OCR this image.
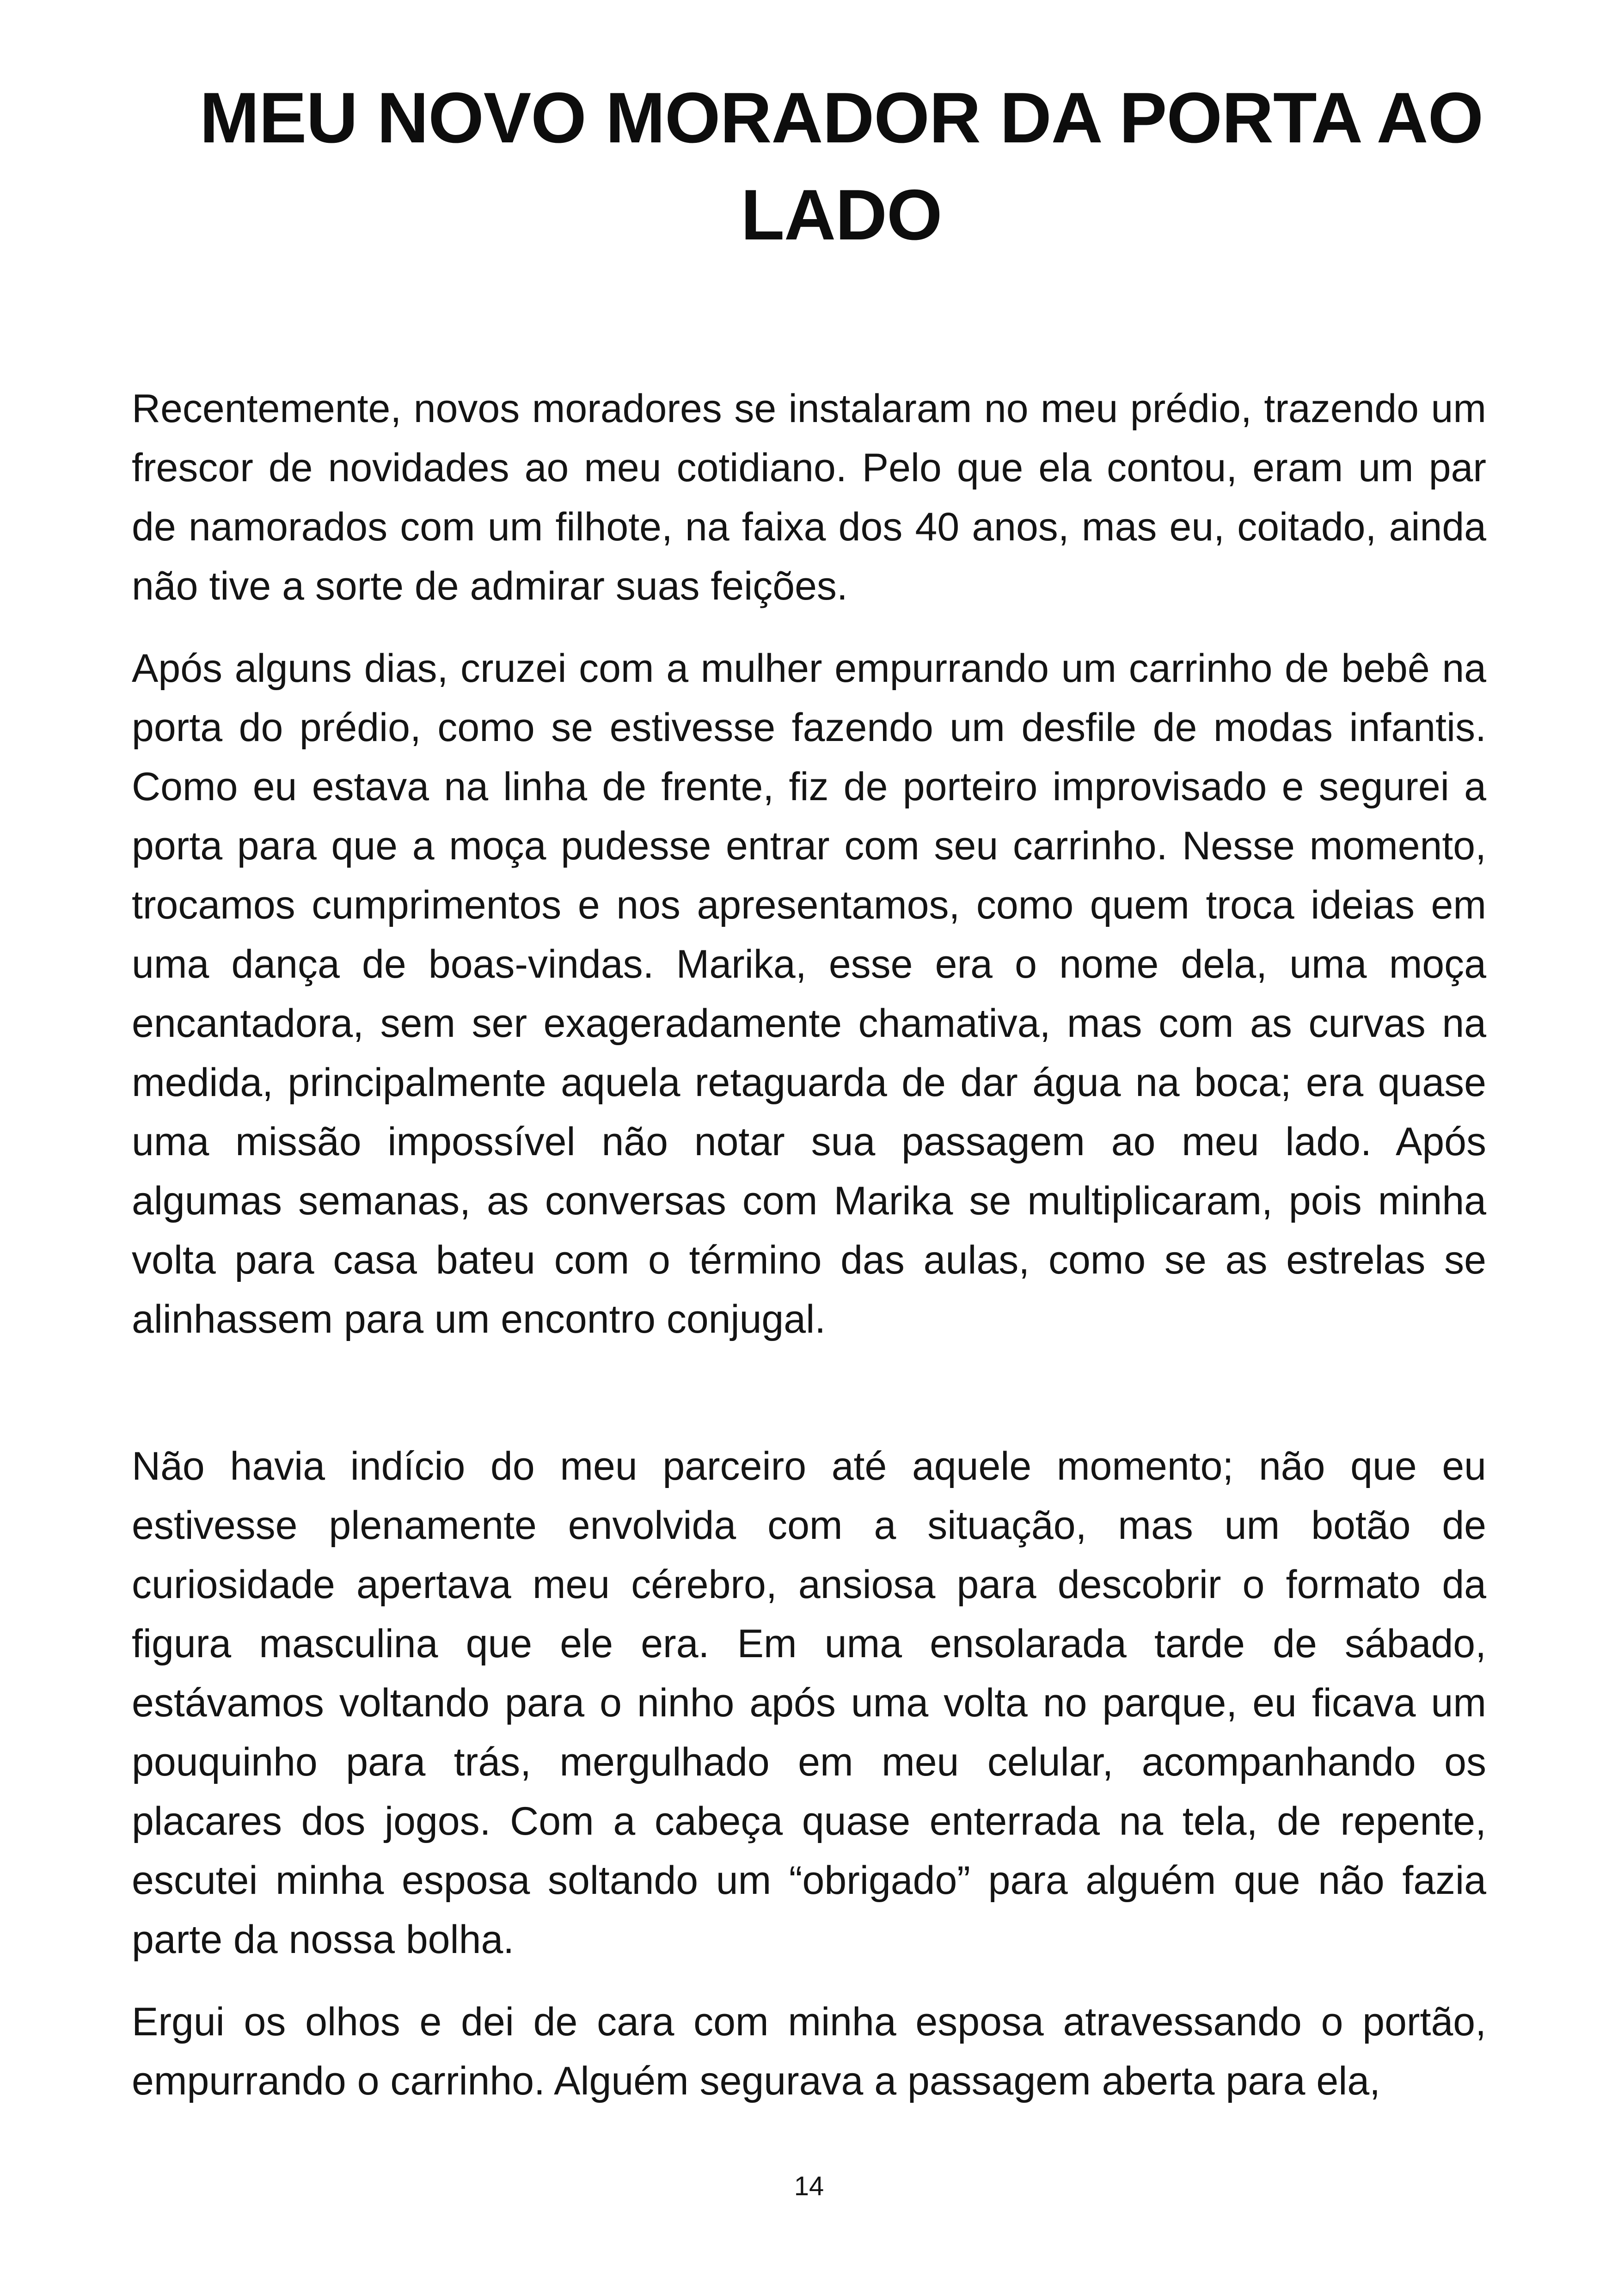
MEU NOVO MORADOR DA PORTA AO LADO

Recentemente, novos moradores se instalaram no meu prédio, trazendo um frescor de novidades ao meu cotidiano. Pelo que ela contou, eram um par de namorados com um filhote, na faixa dos 40 anos, mas eu, coitado, ainda não tive a sorte de admirar suas feições.

Após alguns dias, cruzei com a mulher empurrando um carrinho de bebê na porta do prédio, como se estivesse fazendo um desfile de modas infantis. Como eu estava na linha de frente, fiz de porteiro improvisado e segurei a porta para que a moça pudesse entrar com seu carrinho. Nesse momento, trocamos cumprimentos e nos apresentamos, como quem troca ideias em uma dança de boas-vindas. Marika, esse era o nome dela, uma moça encantadora, sem ser exageradamente chamativa, mas com as curvas na medida, principalmente aquela retaguarda de dar água na boca; era quase uma missão impossível não notar sua passagem ao meu lado. Após algumas semanas, as conversas com Marika se multiplicaram, pois minha volta para casa bateu com o término das aulas, como se as estrelas se alinhassem para um encontro conjugal.

Não havia indício do meu parceiro até aquele momento; não que eu estivesse plenamente envolvida com a situação, mas um botão de curiosidade apertava meu cérebro, ansiosa para descobrir o formato da figura masculina que ele era. Em uma ensolarada tarde de sábado, estávamos voltando para o ninho após uma volta no parque, eu ficava um pouquinho para trás, mergulhado em meu celular, acompanhando os placares dos jogos. Com a cabeça quase enterrada na tela, de repente, escutei minha esposa soltando um “obrigado” para alguém que não fazia parte da nossa bolha.

Ergui os olhos e dei de cara com minha esposa atravessando o portão, empurrando o carrinho. Alguém segurava a passagem aberta para ela,

14
